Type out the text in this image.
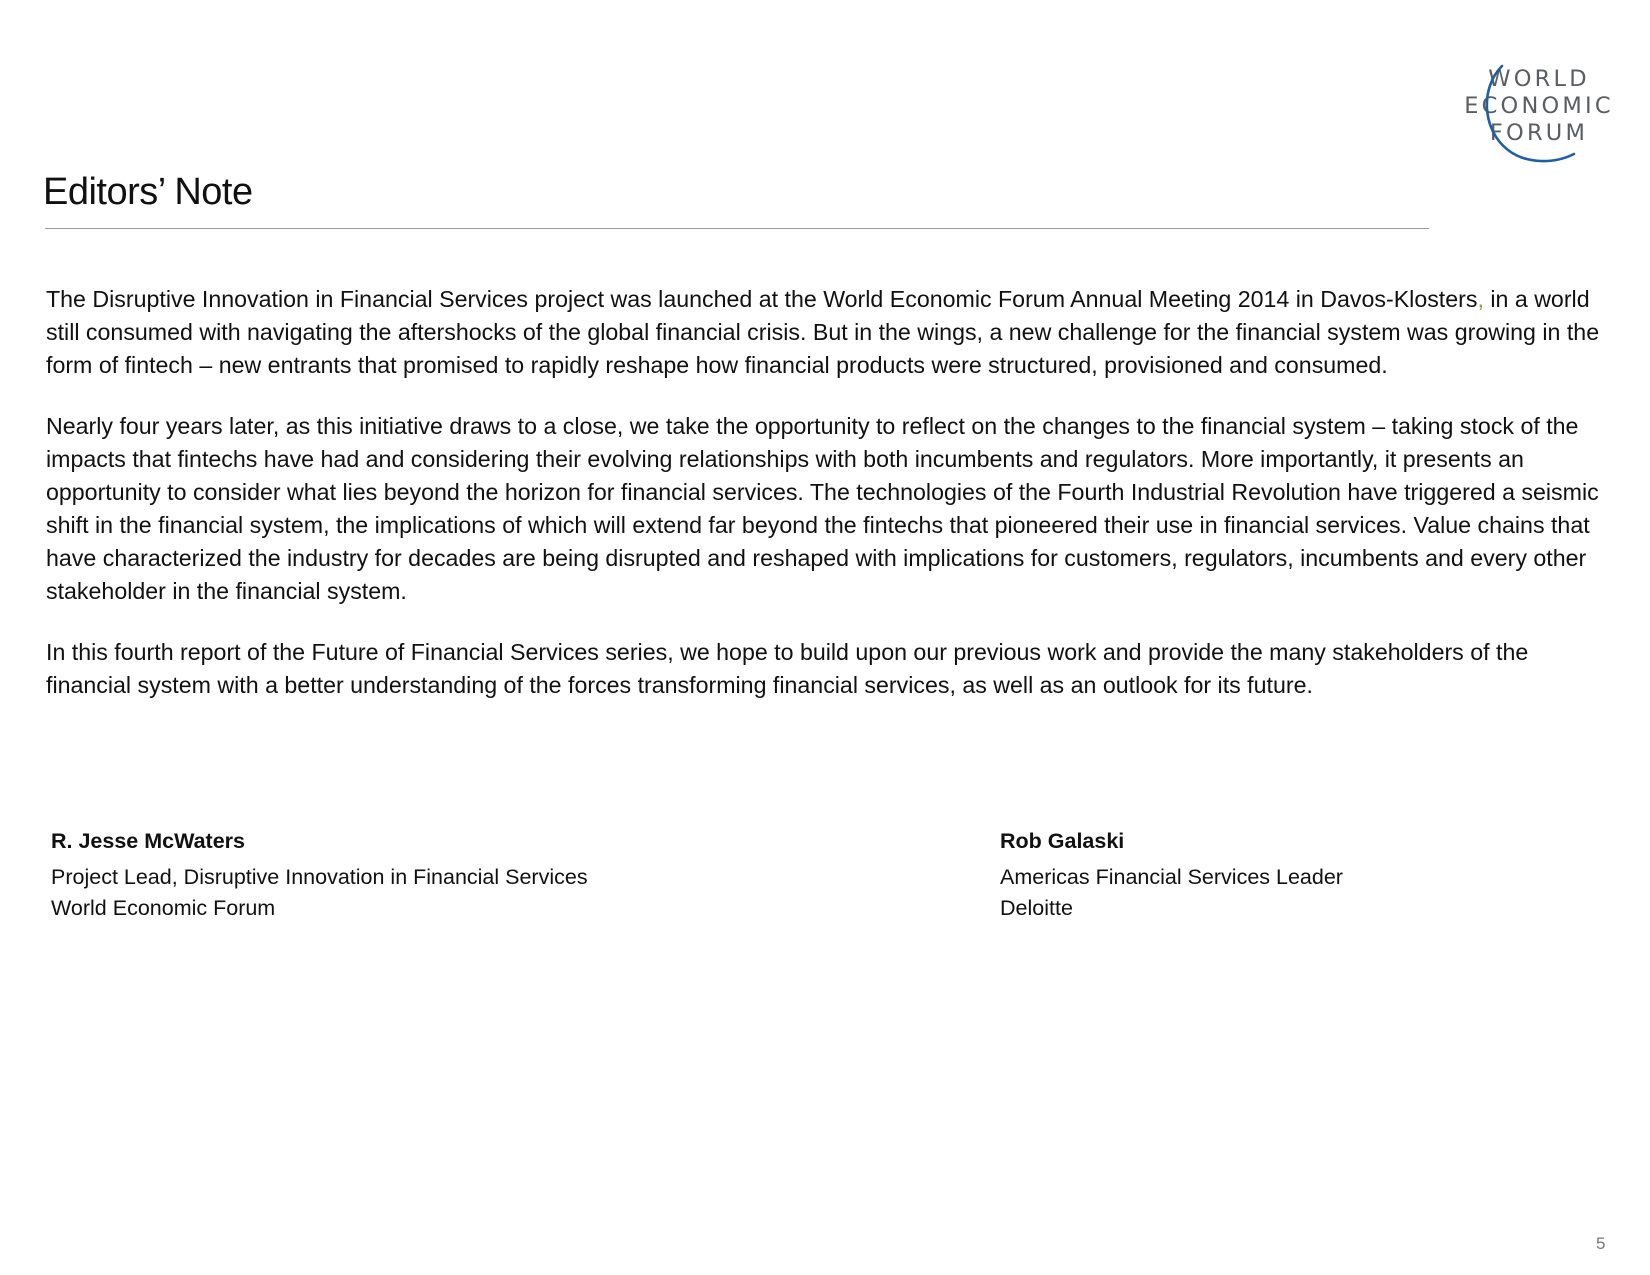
WORLD
ECONOMIC
FORUM
Editors’ Note

The Disruptive Innovation in Financial Services project was launched at the World Economic Forum Annual Meeting 2014 in Davos-Klosters, in a world still consumed with navigating the aftershocks of the global financial crisis. But in the wings, a new challenge for the financial system was growing in the form of fintech – new entrants that promised to rapidly reshape how financial products were structured, provisioned and consumed.

Nearly four years later, as this initiative draws to a close, we take the opportunity to reflect on the changes to the financial system – taking stock of the impacts that fintechs have had and considering their evolving relationships with both incumbents and regulators. More importantly, it presents an opportunity to consider what lies beyond the horizon for financial services. The technologies of the Fourth Industrial Revolution have triggered a seismic shift in the financial system, the implications of which will extend far beyond the fintechs that pioneered their use in financial services. Value chains that have characterized the industry for decades are being disrupted and reshaped with implications for customers, regulators, incumbents and every other stakeholder in the financial system.

In this fourth report of the Future of Financial Services series, we hope to build upon our previous work and provide the many stakeholders of the financial system with a better understanding of the forces transforming financial services, as well as an outlook for its future.

R. Jesse McWaters
Project Lead, Disruptive Innovation in Financial Services
World Economic Forum
Rob Galaski
Americas Financial Services Leader
Deloitte
5
